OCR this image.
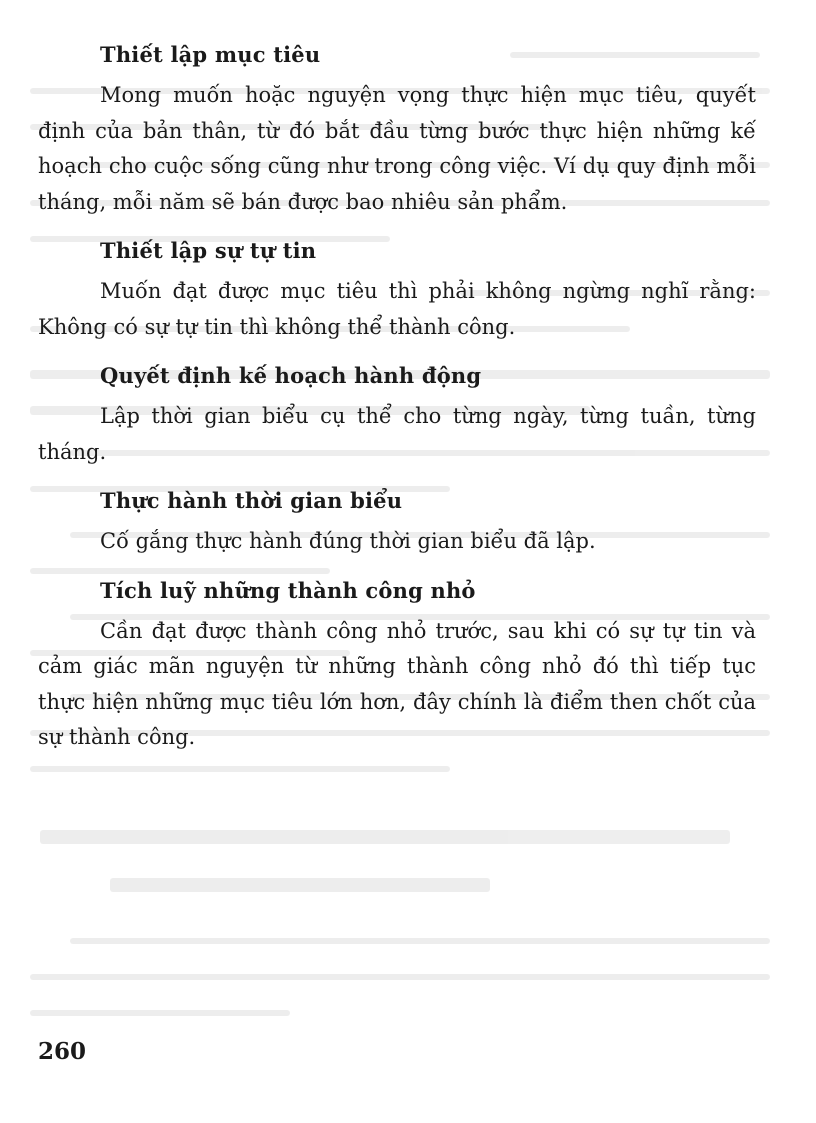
Thiết lập mục tiêu

Mong muốn hoặc nguyện vọng thực hiện mục tiêu, quyết định của bản thân, từ đó bắt đầu từng bước thực hiện những kế hoạch cho cuộc sống cũng như trong công việc. Ví dụ quy định mỗi tháng, mỗi năm sẽ bán được bao nhiêu sản phẩm.

Thiết lập sự tự tin

Muốn đạt được mục tiêu thì phải không ngừng nghĩ rằng: Không có sự tự tin thì không thể thành công.

Quyết định kế hoạch hành động

Lập thời gian biểu cụ thể cho từng ngày, từng tuần, từng tháng.

Thực hành thời gian biểu

Cố gắng thực hành đúng thời gian biểu đã lập.

Tích luỹ những thành công nhỏ

Cần đạt được thành công nhỏ trước, sau khi có sự tự tin và cảm giác mãn nguyện từ những thành công nhỏ đó thì tiếp tục thực hiện những mục tiêu lớn hơn, đây chính là điểm then chốt của sự thành công.

260
